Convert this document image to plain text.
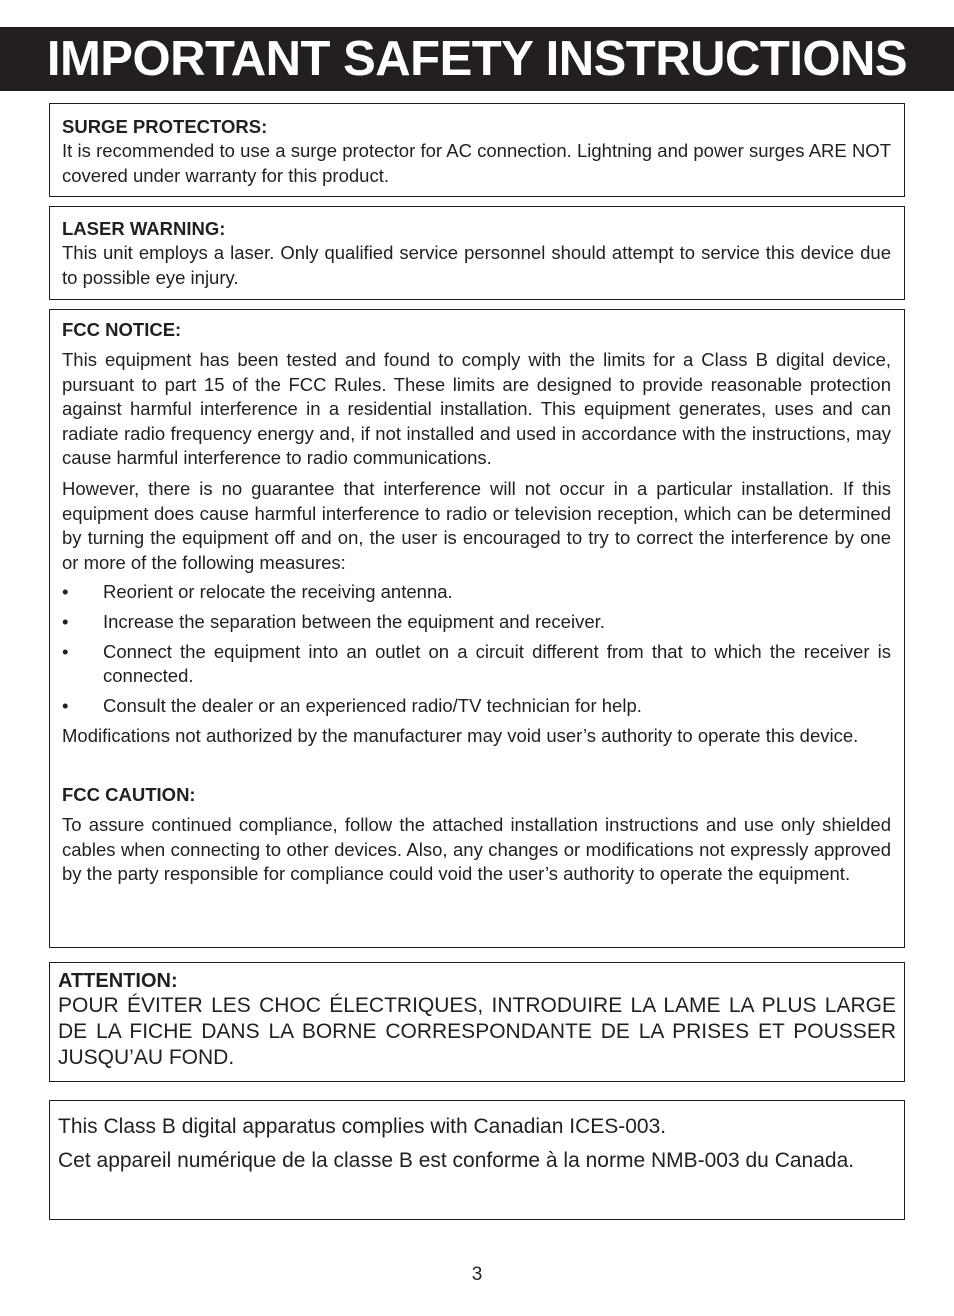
IMPORTANT SAFETY INSTRUCTIONS
SURGE PROTECTORS:

It is recommended to use a surge protector for AC connection. Lightning and power surges ARE NOT covered under warranty for this product.

LASER WARNING:

This unit employs a laser. Only qualified service personnel should attempt to service this device due to possible eye injury.

FCC NOTICE:

This equipment has been tested and found to comply with the limits for a Class B digital device, pursuant to part 15 of the FCC Rules. These limits are designed to provide reasonable protection against harmful interference in a residential installation. This equipment generates, uses and can radiate radio frequency energy and, if not installed and used in accordance with the instructions, may cause harmful interference to radio communications.

However, there is no guarantee that interference will not occur in a particular installation. If this equipment does cause harmful interference to radio or television reception, which can be determined by turning the equipment off and on, the user is encouraged to try to correct the interference by one or more of the following measures:

• Reorient or relocate the receiving antenna.
• Increase the separation between the equipment and receiver.
• Connect the equipment into an outlet on a circuit different from that to which the receiver is connected.
• Consult the dealer or an experienced radio/TV technician for help.

Modifications not authorized by the manufacturer may void user’s authority to operate this device.

FCC CAUTION:

To assure continued compliance, follow the attached installation instructions and use only shielded cables when connecting to other devices. Also, any changes or modifications not expressly approved by the party responsible for compliance could void the user’s authority to operate the equipment.

ATTENTION:

POUR ÉVITER LES CHOC ÉLECTRIQUES, INTRODUIRE LA LAME LA PLUS LARGE DE LA FICHE DANS LA BORNE CORRESPONDANTE DE LA PRISES ET POUSSER JUSQU’AU FOND.

This Class B digital apparatus complies with Canadian ICES-003.

Cet appareil numérique de la classe B est conforme à la norme NMB-003 du Canada.

3
